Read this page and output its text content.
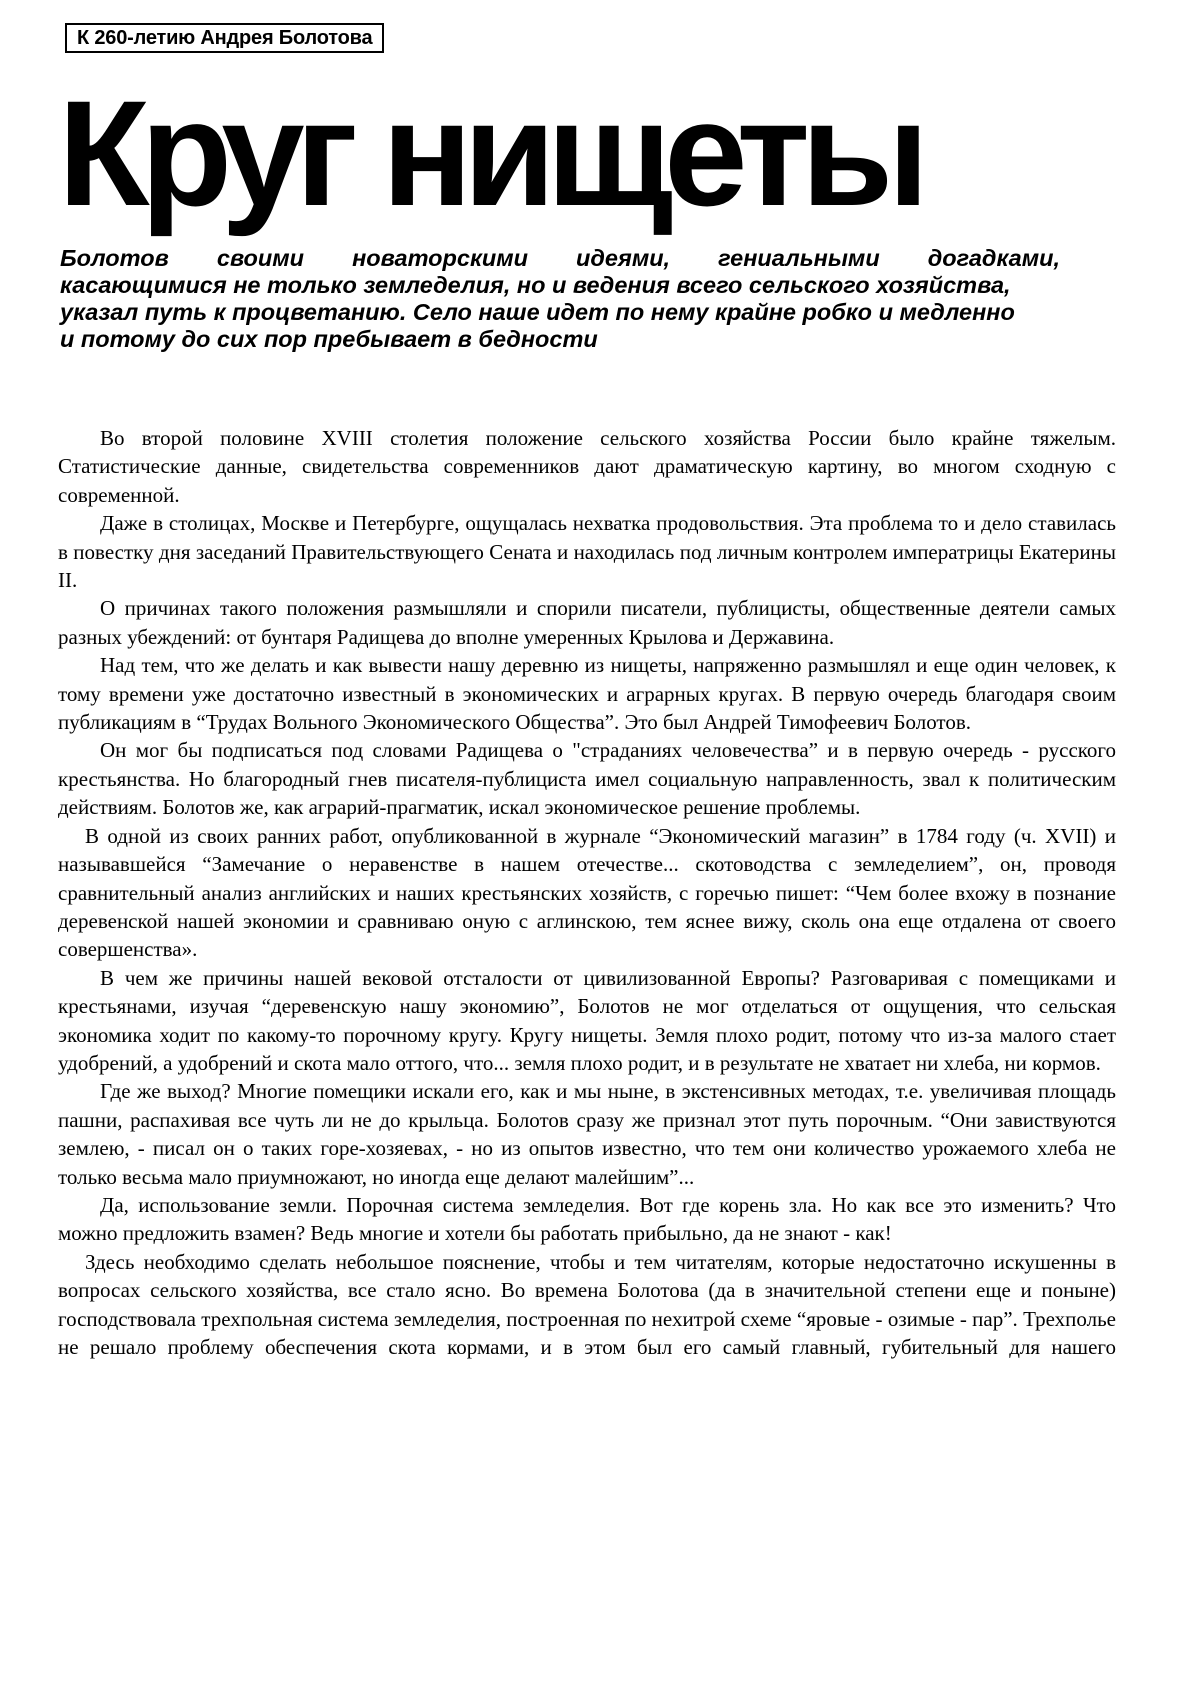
К 260-летию Андрея Болотова
Круг нищеты
Болотов своими новаторскими идеями, гениальными догадками,
касающимися не только земледелия, но и ведения всего сельского хозяйства,
указал путь к процветанию. Село наше идет по нему крайне робко и медленно
и потому до сих пор пребывает в бедности

Во второй половине XVIII столетия положение сельского хозяйства России было крайне тяжелым. Статистические данные, свидетельства современников дают драматическую картину, во многом сходную с современной.

Даже в столицах, Москве и Петербурге, ощущалась нехватка продовольствия. Эта проблема то и дело ставилась в повестку дня заседаний Правительствующего Сената и находилась под личным контролем императрицы Екатерины II.

О причинах такого положения размышляли и спорили писатели, публицисты, общественные деятели самых разных убеждений: от бунтаря Радищева до вполне умеренных Крылова и Державина.

Над тем, что же делать и как вывести нашу деревню из нищеты, напряженно размышлял и еще один человек, к тому времени уже достаточно известный в экономических и аграрных кругах. В первую очередь благодаря своим публикациям в “Трудах Вольного Экономического Общества”. Это был Андрей Тимофеевич Болотов.

Он мог бы подписаться под словами Радищева о "страданиях человечества” и в первую очередь - русского крестьянства. Но благородный гнев писателя-публициста имел социальную направленность, звал к политическим действиям. Болотов же, как аграрий-прагматик, искал экономическое решение проблемы.

В одной из своих ранних работ, опубликованной в журнале “Экономический магазин” в 1784 году (ч. XVII) и называвшейся “Замечание о неравенстве в нашем отечестве... скотоводства с земледелием”, он, проводя сравнительный анализ английских и наших крестьянских хозяйств, с горечью пишет: “Чем более вхожу в познание деревенской нашей экономии и сравниваю оную с аглинскою, тем яснее вижу, сколь она еще отдалена от своего совершенства».

В чем же причины нашей вековой отсталости от цивилизованной Европы? Разговаривая с помещиками и крестьянами, изучая “деревенскую нашу экономию”, Болотов не мог отделаться от ощущения, что сельская экономика ходит по какому-то порочному кругу. Кругу нищеты. Земля плохо родит, потому что из-за малого стает удобрений, а удобрений и скота мало оттого, что... земля плохо родит, и в результате не хватает ни хлеба, ни кормов.

Где же выход? Многие помещики искали его, как и мы ныне, в экстенсивных методах, т.е. увеличивая площадь пашни, распахивая все чуть ли не до крыльца. Болотов сразу же признал этот путь порочным. “Они завиствуются землею, - писал он о таких горе-хозяевах, - но из опытов известно, что тем они количество урожаемого хлеба не только весьма мало приумножают, но иногда еще делают малейшим”...

Да, использование земли. Порочная система земледелия. Вот где корень зла. Но как все это изменить? Что можно предложить взамен? Ведь многие и хотели бы работать прибыльно, да не знают - как!

Здесь необходимо сделать небольшое пояснение, чтобы и тем читателям, которые недостаточно искушенны в вопросах сельского хозяйства, все стало ясно. Во времена Болотова (да в значительной степени еще и поныне) господствовала трехпольная система земледелия, построенная по нехитрой схеме “яровые - озимые - пар”. Трехполье не решало проблему обеспечения скота кормами, и в этом был его самый главный, губительный для нашего
